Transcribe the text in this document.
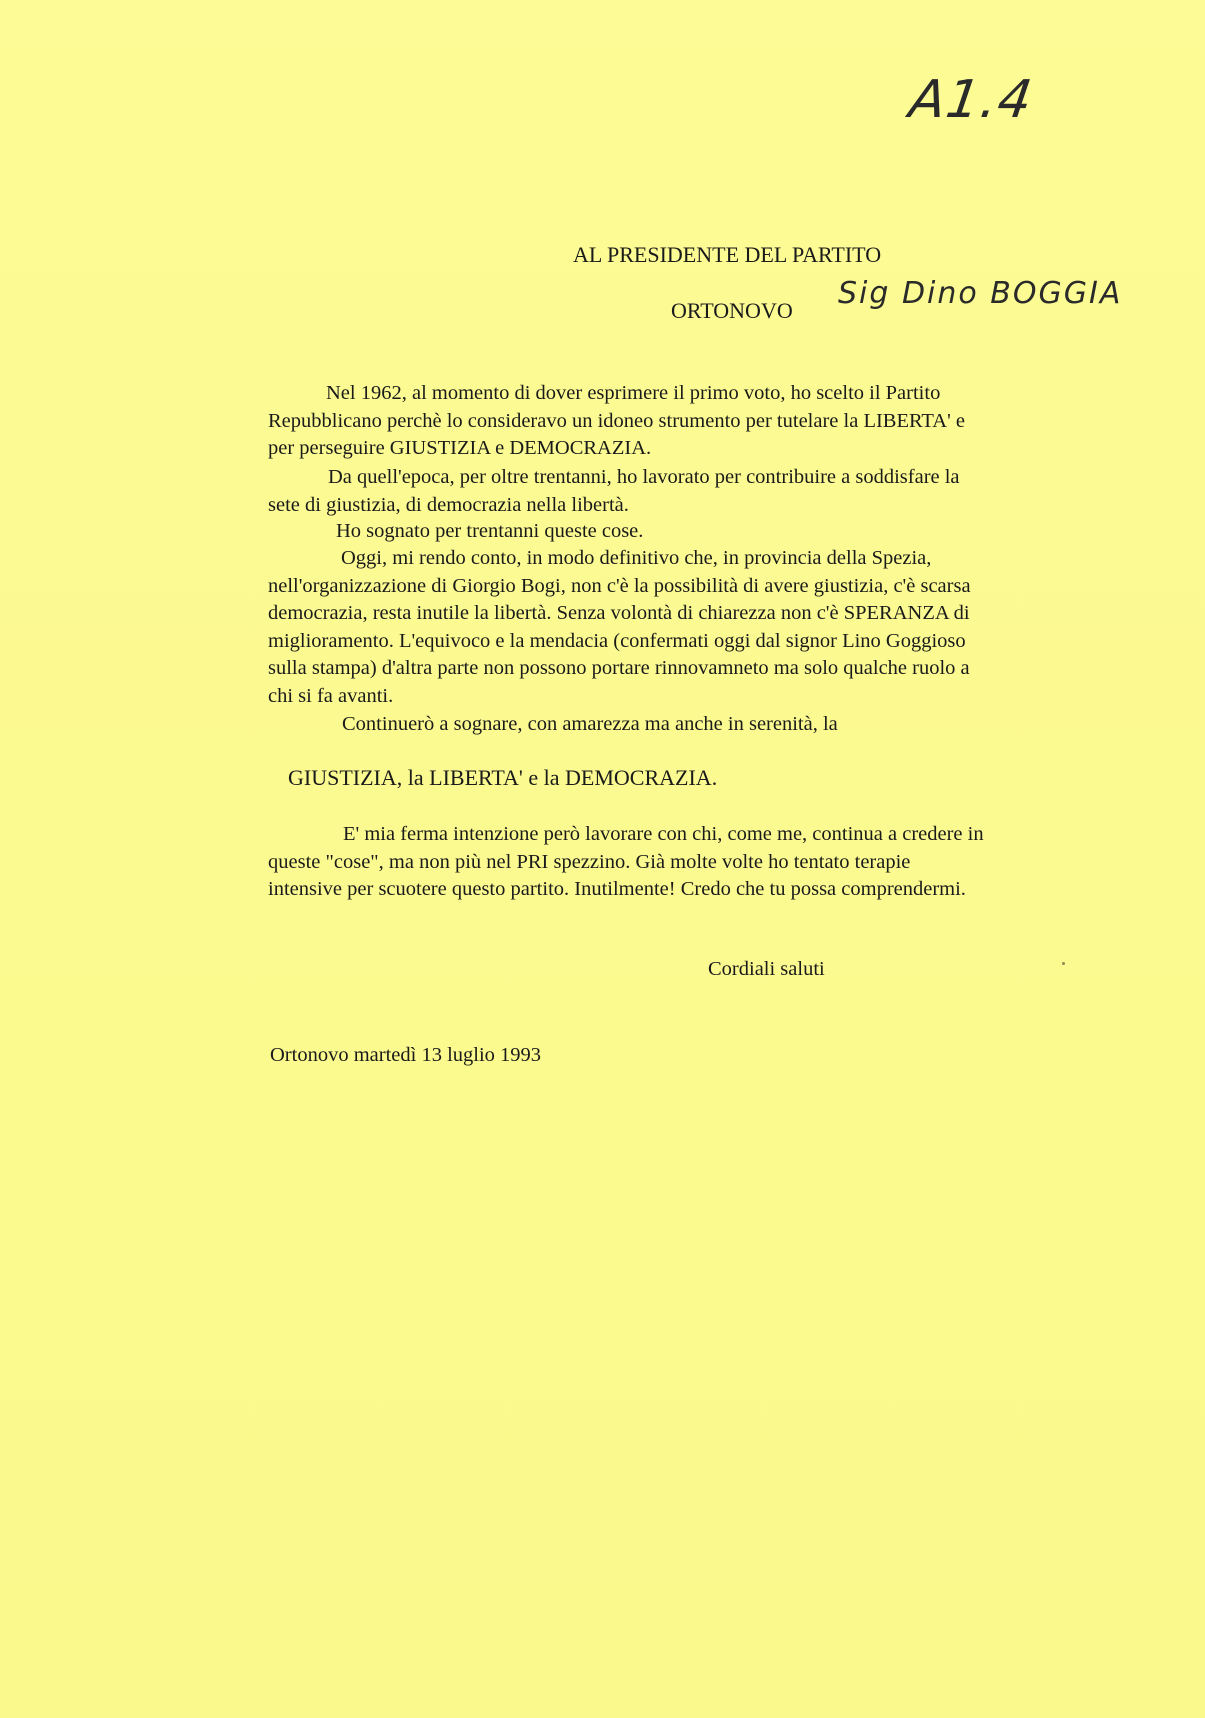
A1.4
AL PRESIDENTE DEL PARTITO
ORTONOVO Sig Dino BOGGIA

Nel 1962, al momento di dover esprimere il primo voto, ho scelto il Partito Repubblicano perchè lo consideravo un idoneo strumento per tutelare la LIBERTA' e per perseguire GIUSTIZIA e DEMOCRAZIA.

Da quell'epoca, per oltre trentanni, ho lavorato per contribuire a soddisfare la sete di giustizia, di democrazia nella libertà.

Ho sognato per trentanni queste cose.

Oggi, mi rendo conto, in modo definitivo che, in provincia della Spezia, nell'organizzazione di Giorgio Bogi, non c'è la possibilità di avere giustizia, c'è scarsa democrazia, resta inutile la libertà. Senza volontà di chiarezza non c'è SPERANZA di miglioramento. L'equivoco e la mendacia (confermati oggi dal signor Lino Goggioso sulla stampa) d'altra parte non possono portare rinnovamneto ma solo qualche ruolo a chi si fa avanti.

Continuerò a sognare, con amarezza ma anche in serenità, la

GIUSTIZIA, la LIBERTA' e la DEMOCRAZIA.

E' mia ferma intenzione però lavorare con chi, come me, continua a credere in queste "cose", ma non più nel PRI spezzino. Già molte volte ho tentato terapie intensive per scuotere questo partito. Inutilmente! Credo che tu possa comprendermi.

Cordiali saluti
Ortonovo martedì 13 luglio 1993
